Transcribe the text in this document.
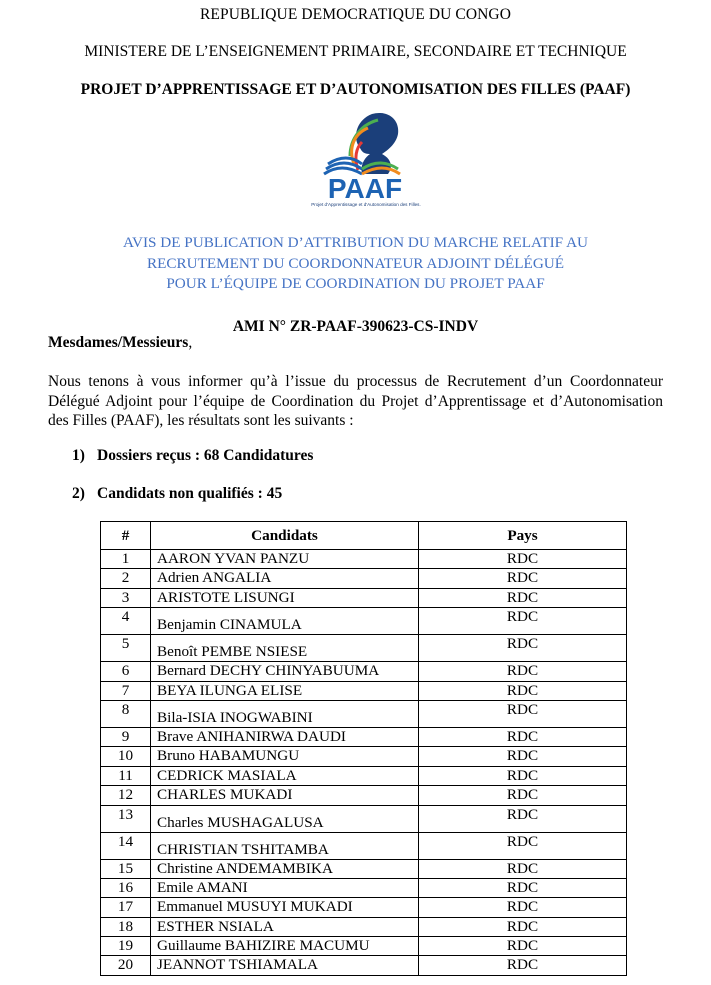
REPUBLIQUE DEMOCRATIQUE DU CONGO
MINISTERE DE L’ENSEIGNEMENT PRIMAIRE, SECONDAIRE ET TECHNIQUE
PROJET D’APPRENTISSAGE ET D’AUTONOMISATION DES FILLES (PAAF)
PAAF
Projet d'Apprentissage et d'Autonomisation des Filles.
AVIS DE PUBLICATION D’ATTRIBUTION DU MARCHE RELATIF AU
RECRUTEMENT DU COORDONNATEUR ADJOINT DÉLÉGUÉ
POUR L’ÉQUIPE DE COORDINATION DU PROJET PAAF
AMI N° ZR-PAAF-390623-CS-INDV
Mesdames/Messieurs,
Nous tenons à vous informer qu’à l’issue du processus de Recrutement d’un Coordonnateur Délégué Adjoint pour l’équipe de Coordination du Projet d’Apprentissage et d’Autonomisation des Filles (PAAF), les résultats sont les suivants :
1) Dossiers reçus : 68 Candidatures
2) Candidats non qualifiés : 45
#	Candidats	Pays
1	AARON YVAN PANZU	RDC
2	Adrien ANGALIA	RDC
3	ARISTOTE LISUNGI	RDC
4	Benjamin CINAMULA	RDC
5	Benoît PEMBE NSIESE	RDC
6	Bernard DECHY CHINYABUUMA	RDC
7	BEYA ILUNGA ELISE	RDC
8	Bila-ISIA INOGWABINI	RDC
9	Brave ANIHANIRWA DAUDI	RDC
10	Bruno HABAMUNGU	RDC
11	CEDRICK MASIALA	RDC
12	CHARLES MUKADI	RDC
13	Charles MUSHAGALUSA	RDC
14	CHRISTIAN TSHITAMBA	RDC
15	Christine ANDEMAMBIKA	RDC
16	Emile AMANI	RDC
17	Emmanuel MUSUYI MUKADI	RDC
18	ESTHER NSIALA	RDC
19	Guillaume BAHIZIRE MACUMU	RDC
20	JEANNOT TSHIAMALA	RDC
